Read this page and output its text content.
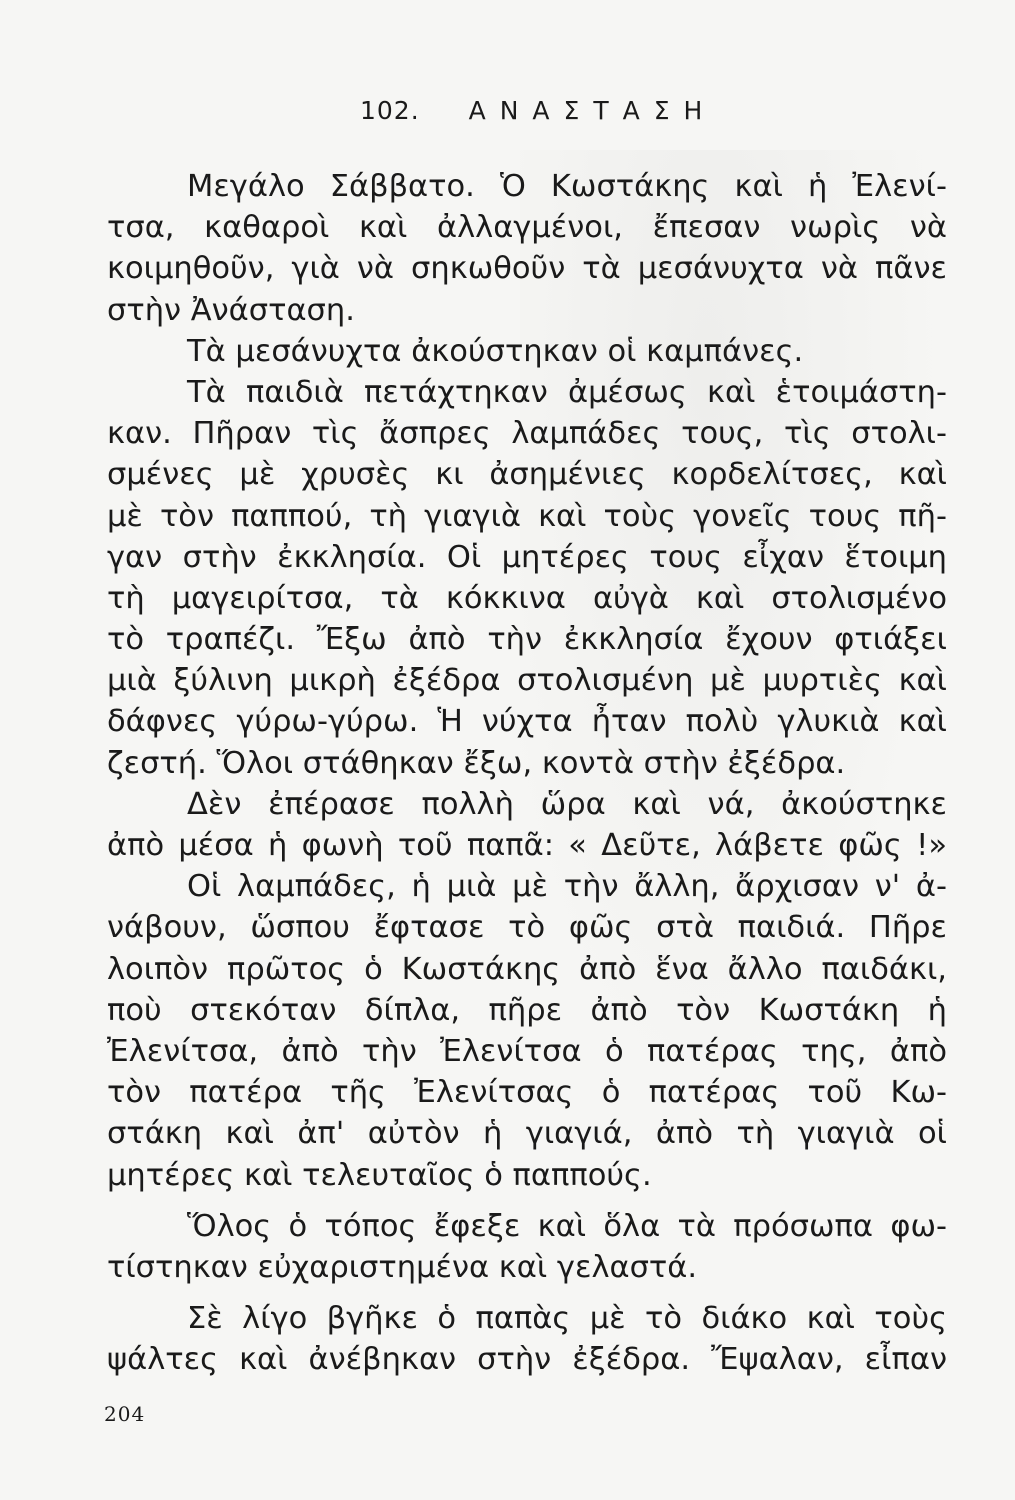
102. ΑΝΑΣΤΑΣΗ
Μεγάλο Σάββατο. Ὁ Κωστάκης καὶ ἡ Ἐλενί-
τσα, καθαροὶ καὶ ἀλλαγμένοι, ἔπεσαν νωρὶς νὰ
κοιμηθοῦν, γιὰ νὰ σηκωθοῦν τὰ μεσάνυχτα νὰ πᾶνε
στὴν Ἀνάσταση.
Τὰ μεσάνυχτα ἀκούστηκαν οἱ καμπάνες.
Τὰ παιδιὰ πετάχτηκαν ἀμέσως καὶ ἑτοιμάστη-
καν. Πῆραν τὶς ἄσπρες λαμπάδες τους, τὶς στολι-
σμένες μὲ χρυσὲς κι ἀσημένιες κορδελίτσες, καὶ
μὲ τὸν παππού, τὴ γιαγιὰ καὶ τοὺς γονεῖς τους πῆ-
γαν στὴν ἐκκλησία. Οἱ μητέρες τους εἶχαν ἕτοιμη
τὴ μαγειρίτσα, τὰ κόκκινα αὐγὰ καὶ στολισμένο
τὸ τραπέζι. Ἔξω ἀπὸ τὴν ἐκκλησία ἔχουν φτιάξει
μιὰ ξύλινη μικρὴ ἐξέδρα στολισμένη μὲ μυρτιὲς καὶ
δάφνες γύρω-γύρω. Ἡ νύχτα ἦταν πολὺ γλυκιὰ καὶ
ζεστή. Ὅλοι στάθηκαν ἔξω, κοντὰ στὴν ἐξέδρα.
Δὲν ἐπέρασε πολλὴ ὥρα καὶ νά, ἀκούστηκε
ἀπὸ μέσα ἡ φωνὴ τοῦ παπᾶ: « Δεῦτε, λάβετε φῶς !»
Οἱ λαμπάδες, ἡ μιὰ μὲ τὴν ἄλλη, ἄρχισαν ν' ἀ-
νάβουν, ὥσπου ἔφτασε τὸ φῶς στὰ παιδιά. Πῆρε
λοιπὸν πρῶτος ὁ Κωστάκης ἀπὸ ἕνα ἄλλο παιδάκι,
ποὺ στεκόταν δίπλα, πῆρε ἀπὸ τὸν Κωστάκη ἡ
Ἐλενίτσα, ἀπὸ τὴν Ἐλενίτσα ὁ πατέρας της, ἀπὸ
τὸν πατέρα τῆς Ἐλενίτσας ὁ πατέρας τοῦ Κω-
στάκη καὶ ἀπ' αὐτὸν ἡ γιαγιά, ἀπὸ τὴ γιαγιὰ οἱ
μητέρες καὶ τελευταῖος ὁ παππούς.
Ὅλος ὁ τόπος ἔφεξε καὶ ὅλα τὰ πρόσωπα φω-
τίστηκαν εὐχαριστημένα καὶ γελαστά.
Σὲ λίγο βγῆκε ὁ παπὰς μὲ τὸ διάκο καὶ τοὺς
ψάλτες καὶ ἀνέβηκαν στὴν ἐξέδρα. Ἔψαλαν, εἶπαν
204
